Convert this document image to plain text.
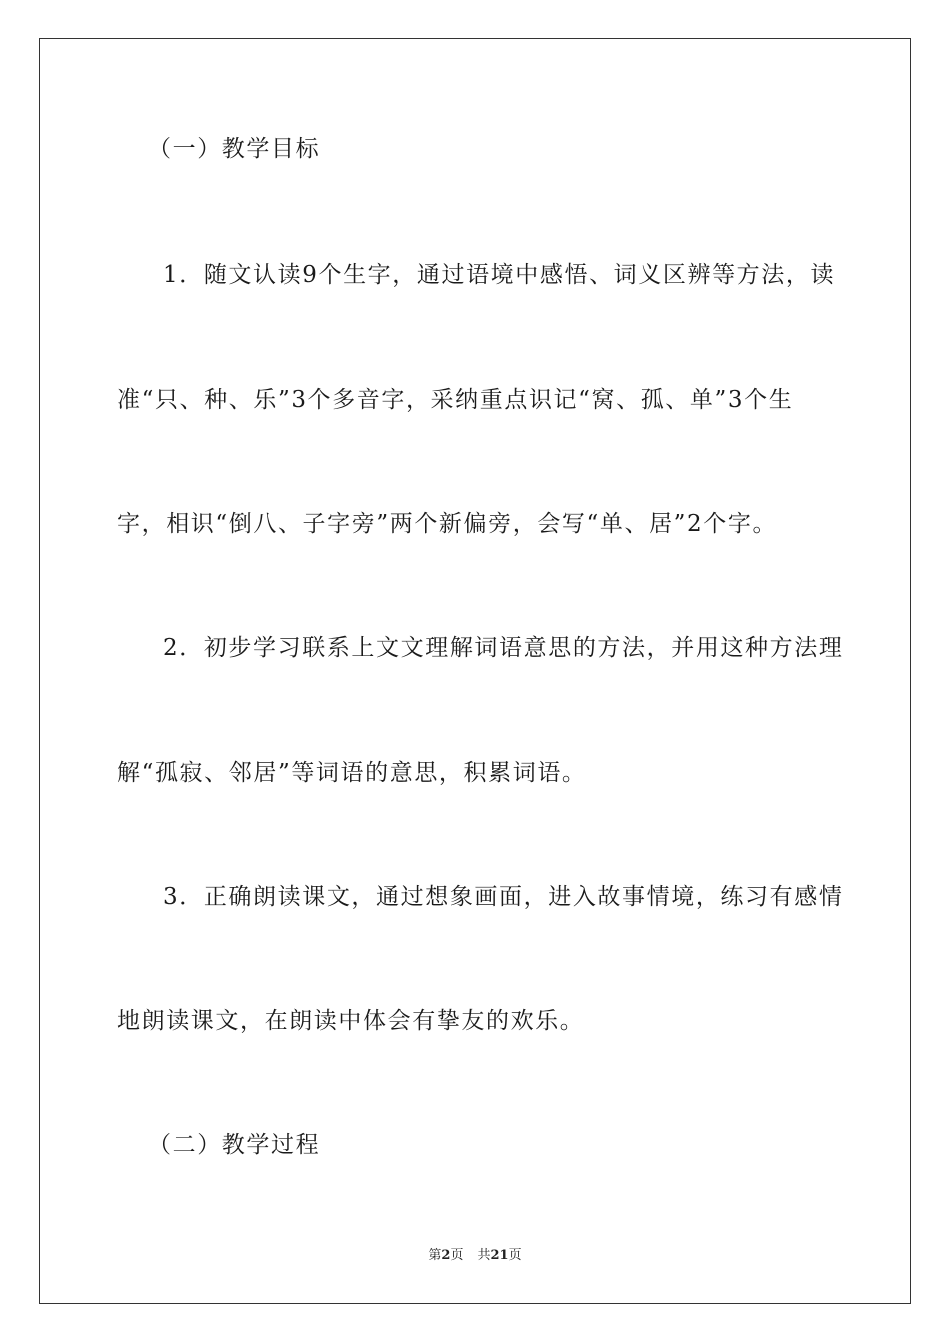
（一）教学目标
1．随文认读9个生字，通过语境中感悟、词义区辨等方法，读
准“只、种、乐”3个多音字，采纳重点识记“窝、孤、单”3个生
字，相识“倒八、子字旁”两个新偏旁，会写“单、居”2个字。
2．初步学习联系上文文理解词语意思的方法，并用这种方法理
解“孤寂、邻居”等词语的意思，积累词语。
3．正确朗读课文，通过想象画面，进入故事情境，练习有感情
地朗读课文，在朗读中体会有挚友的欢乐。
（二）教学过程
第2页 共21页
